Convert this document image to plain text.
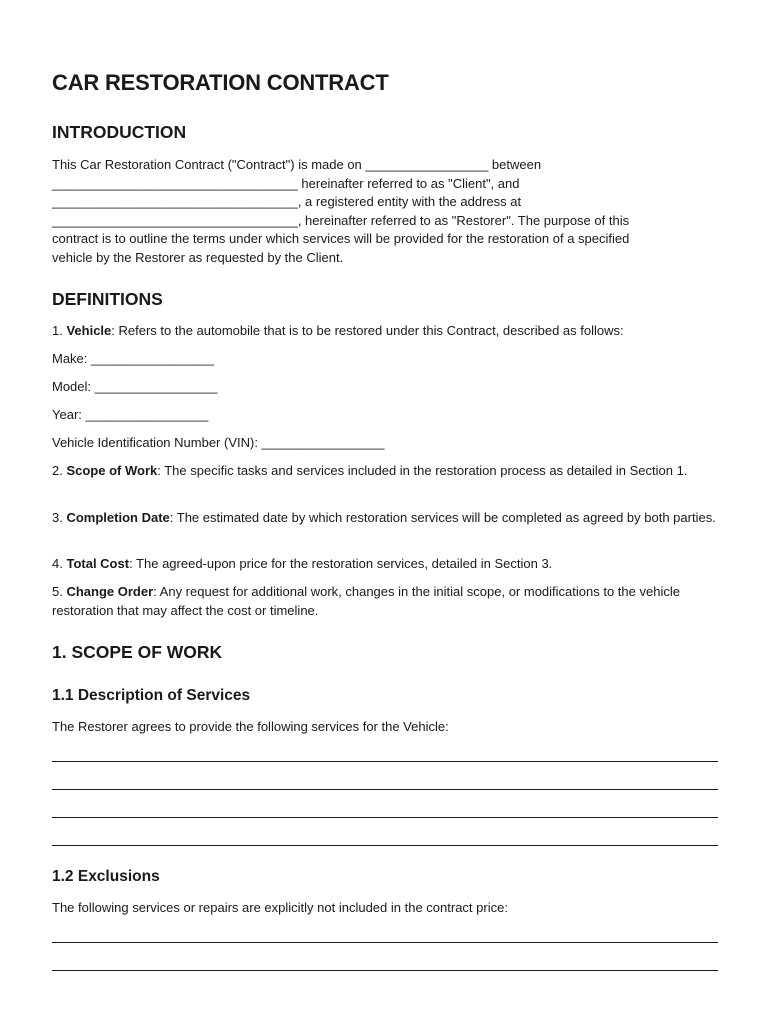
CAR RESTORATION CONTRACT
INTRODUCTION
This Car Restoration Contract ("Contract") is made on _________________ between
__________________________________ hereinafter referred to as "Client", and
__________________________________, a registered entity with the address at
__________________________________, hereinafter referred to as "Restorer". The purpose of this
contract is to outline the terms under which services will be provided for the restoration of a specified
vehicle by the Restorer as requested by the Client.
DEFINITIONS
1. Vehicle: Refers to the automobile that is to be restored under this Contract, described as follows:
Make: _________________
Model: _________________
Year: _________________
Vehicle Identification Number (VIN): _________________
2. Scope of Work: The specific tasks and services included in the restoration process as detailed in Section 1.
3. Completion Date: The estimated date by which restoration services will be completed as agreed by both parties.
4. Total Cost: The agreed-upon price for the restoration services, detailed in Section 3.
5. Change Order: Any request for additional work, changes in the initial scope, or modifications to the vehicle restoration that may affect the cost or timeline.
1. SCOPE OF WORK
1.1 Description of Services
The Restorer agrees to provide the following services for the Vehicle:
1.2 Exclusions
The following services or repairs are explicitly not included in the contract price:
